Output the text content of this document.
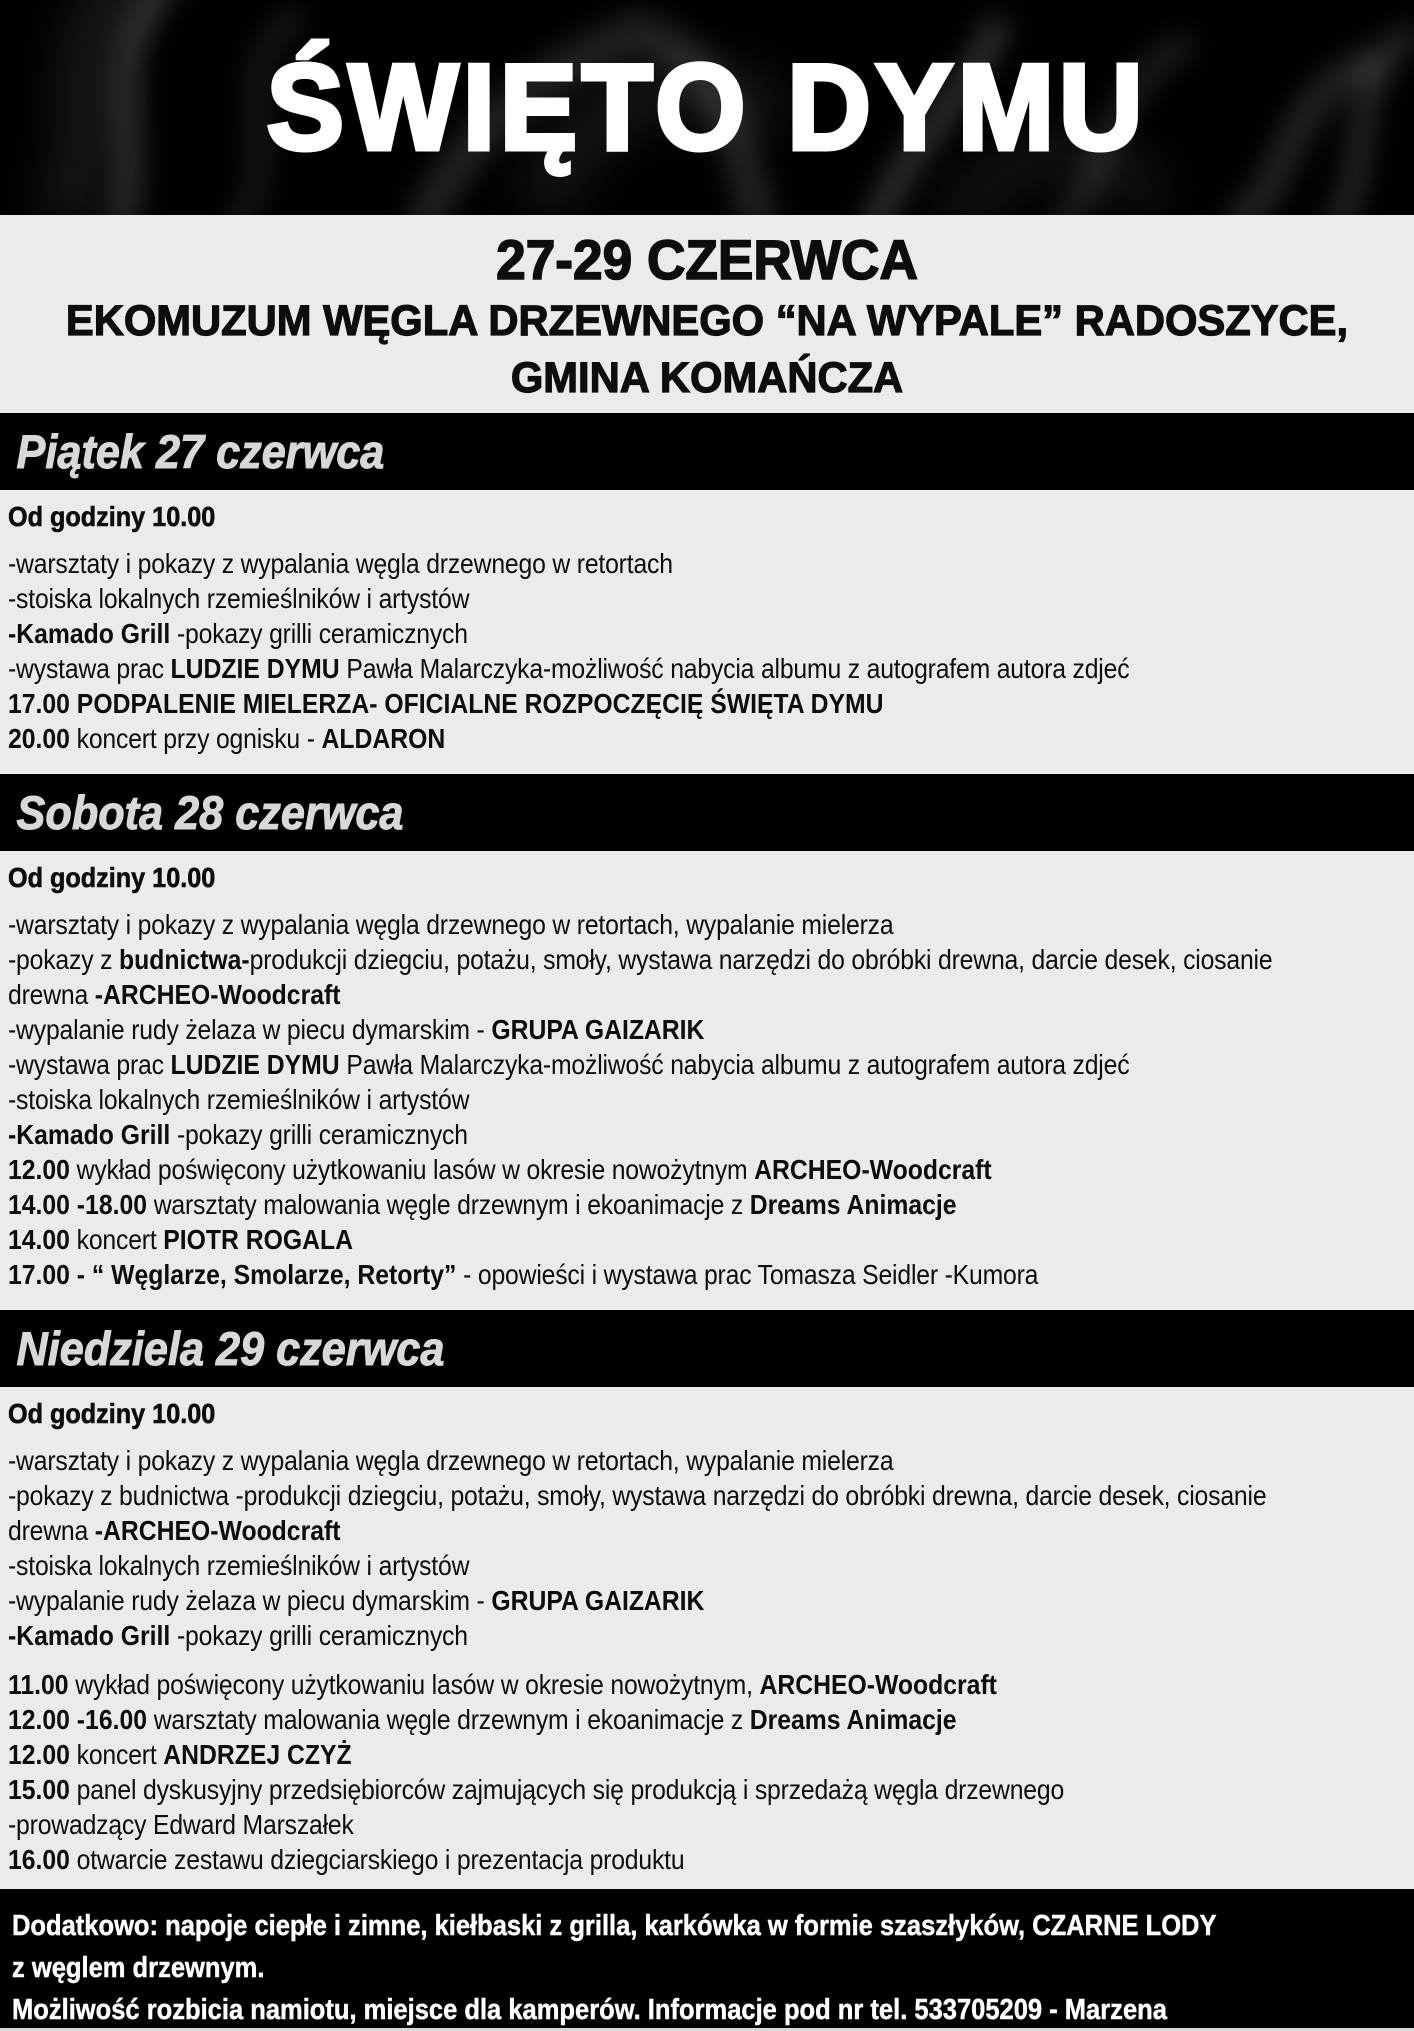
ŚWIĘTO DYMU
27-29 CZERWCA
EKOMUZUM WĘGLA DRZEWNEGO “NA WYPALE” RADOSZYCE,
GMINA KOMAŃCZA
Piątek 27 czerwca
Od godziny 10.00
-warsztaty i pokazy z wypalania węgla drzewnego w retortach
-stoiska lokalnych rzemieślników i artystów
-Kamado Grill -pokazy grilli ceramicznych
-wystawa prac LUDZIE DYMU Pawła Malarczyka-możliwość nabycia albumu z autografem autora zdjeć
17.00 PODPALENIE MIELERZA- OFICIALNE ROZPOCZĘCIĘ ŚWIĘTA DYMU
20.00 koncert przy ognisku - ALDARON
Sobota 28 czerwca
Od godziny 10.00
-warsztaty i pokazy z wypalania węgla drzewnego w retortach, wypalanie mielerza
-pokazy z budnictwa-produkcji dziegciu, potażu, smoły, wystawa narzędzi do obróbki drewna, darcie desek, ciosanie
drewna -ARCHEO-Woodcraft
-wypalanie rudy żelaza w piecu dymarskim - GRUPA GAIZARIK
-wystawa prac LUDZIE DYMU Pawła Malarczyka-możliwość nabycia albumu z autografem autora zdjeć
-stoiska lokalnych rzemieślników i artystów
-Kamado Grill -pokazy grilli ceramicznych
12.00 wykład poświęcony użytkowaniu lasów w okresie nowożytnym ARCHEO-Woodcraft
14.00 -18.00 warsztaty malowania węgle drzewnym i ekoanimacje z Dreams Animacje
14.00 koncert PIOTR ROGALA
17.00 - “ Węglarze, Smolarze, Retorty” - opowieści i wystawa prac Tomasza Seidler -Kumora
Niedziela 29 czerwca
Od godziny 10.00
-warsztaty i pokazy z wypalania węgla drzewnego w retortach, wypalanie mielerza
-pokazy z budnictwa -produkcji dziegciu, potażu, smoły, wystawa narzędzi do obróbki drewna, darcie desek, ciosanie
drewna -ARCHEO-Woodcraft
-stoiska lokalnych rzemieślników i artystów
-wypalanie rudy żelaza w piecu dymarskim - GRUPA GAIZARIK
-Kamado Grill -pokazy grilli ceramicznych
11.00 wykład poświęcony użytkowaniu lasów w okresie nowożytnym, ARCHEO-Woodcraft
12.00 -16.00 warsztaty malowania węgle drzewnym i ekoanimacje z Dreams Animacje
12.00 koncert ANDRZEJ CZYŻ
15.00 panel dyskusyjny przedsiębiorców zajmujących się produkcją i sprzedażą węgla drzewnego
-prowadzący Edward Marszałek
16.00 otwarcie zestawu dziegciarskiego i prezentacja produktu
Dodatkowo: napoje ciepłe i zimne, kiełbaski z grilla, karkówka w formie szaszłyków, CZARNE LODY
z węglem drzewnym.
Możliwość rozbicia namiotu, miejsce dla kamperów. Informacje pod nr tel. 533705209 - Marzena
